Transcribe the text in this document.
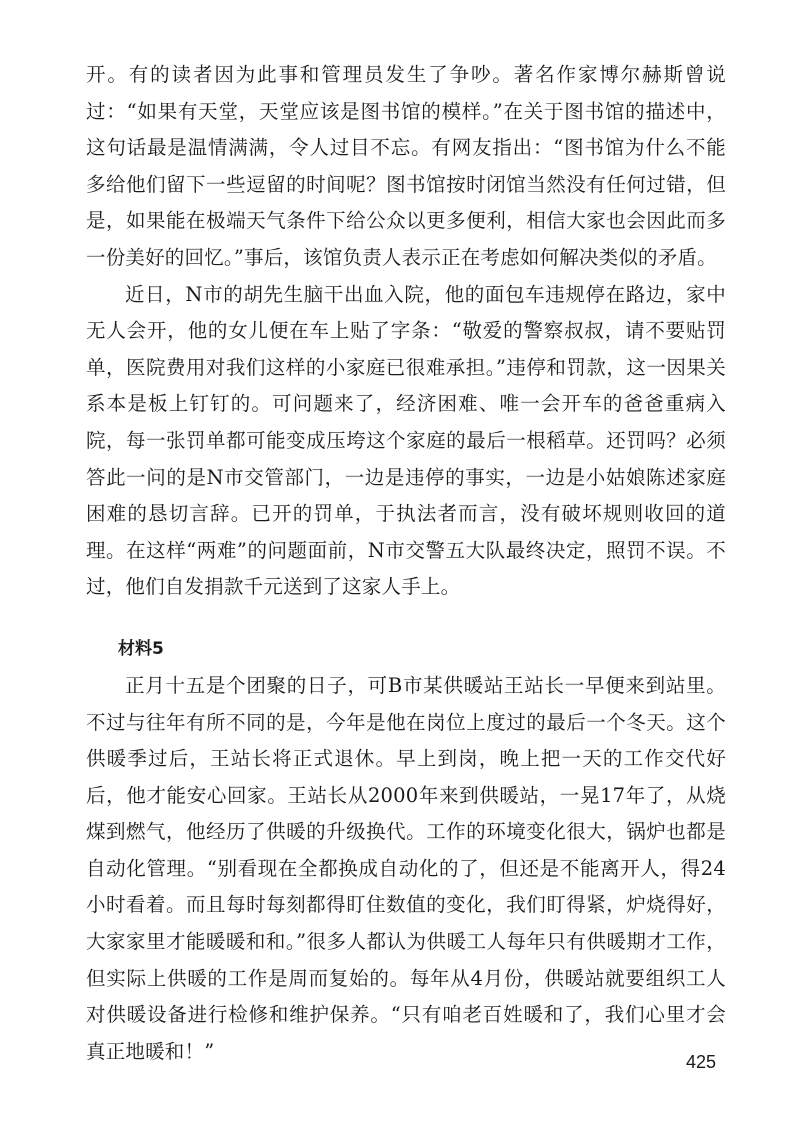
开。有的读者因为此事和管理员发生了争吵。著名作家博尔赫斯曾说过：“如果有天堂，天堂应该是图书馆的模样。”在关于图书馆的描述中，这句话最是温情满满，令人过目不忘。有网友指出：“图书馆为什么不能多给他们留下一些逗留的时间呢？图书馆按时闭馆当然没有任何过错，但是，如果能在极端天气条件下给公众以更多便利，相信大家也会因此而多一份美好的回忆。”事后，该馆负责人表示正在考虑如何解决类似的矛盾。

近日，N市的胡先生脑干出血入院，他的面包车违规停在路边，家中无人会开，他的女儿便在车上贴了字条：“敬爱的警察叔叔，请不要贴罚单，医院费用对我们这样的小家庭已很难承担。”违停和罚款，这一因果关系本是板上钉钉的。可问题来了，经济困难、唯一会开车的爸爸重病入院，每一张罚单都可能变成压垮这个家庭的最后一根稻草。还罚吗？必须答此一问的是N市交管部门，一边是违停的事实，一边是小姑娘陈述家庭困难的恳切言辞。已开的罚单，于执法者而言，没有破坏规则收回的道理。在这样“两难”的问题面前，N市交警五大队最终决定，照罚不误。不过，他们自发捐款千元送到了这家人手上。

材料5

正月十五是个团聚的日子，可B市某供暖站王站长一早便来到站里。不过与往年有所不同的是，今年是他在岗位上度过的最后一个冬天。这个供暖季过后，王站长将正式退休。早上到岗，晚上把一天的工作交代好后，他才能安心回家。王站长从2000年来到供暖站，一晃17年了，从烧煤到燃气，他经历了供暖的升级换代。工作的环境变化很大，锅炉也都是自动化管理。“别看现在全都换成自动化的了，但还是不能离开人，得24小时看着。而且每时每刻都得盯住数值的变化，我们盯得紧，炉烧得好，大家家里才能暖暖和和。”很多人都认为供暖工人每年只有供暖期才工作，但实际上供暖的工作是周而复始的。每年从4月份，供暖站就要组织工人对供暖设备进行检修和维护保养。“只有咱老百姓暖和了，我们心里才会真正地暖和！”	425
